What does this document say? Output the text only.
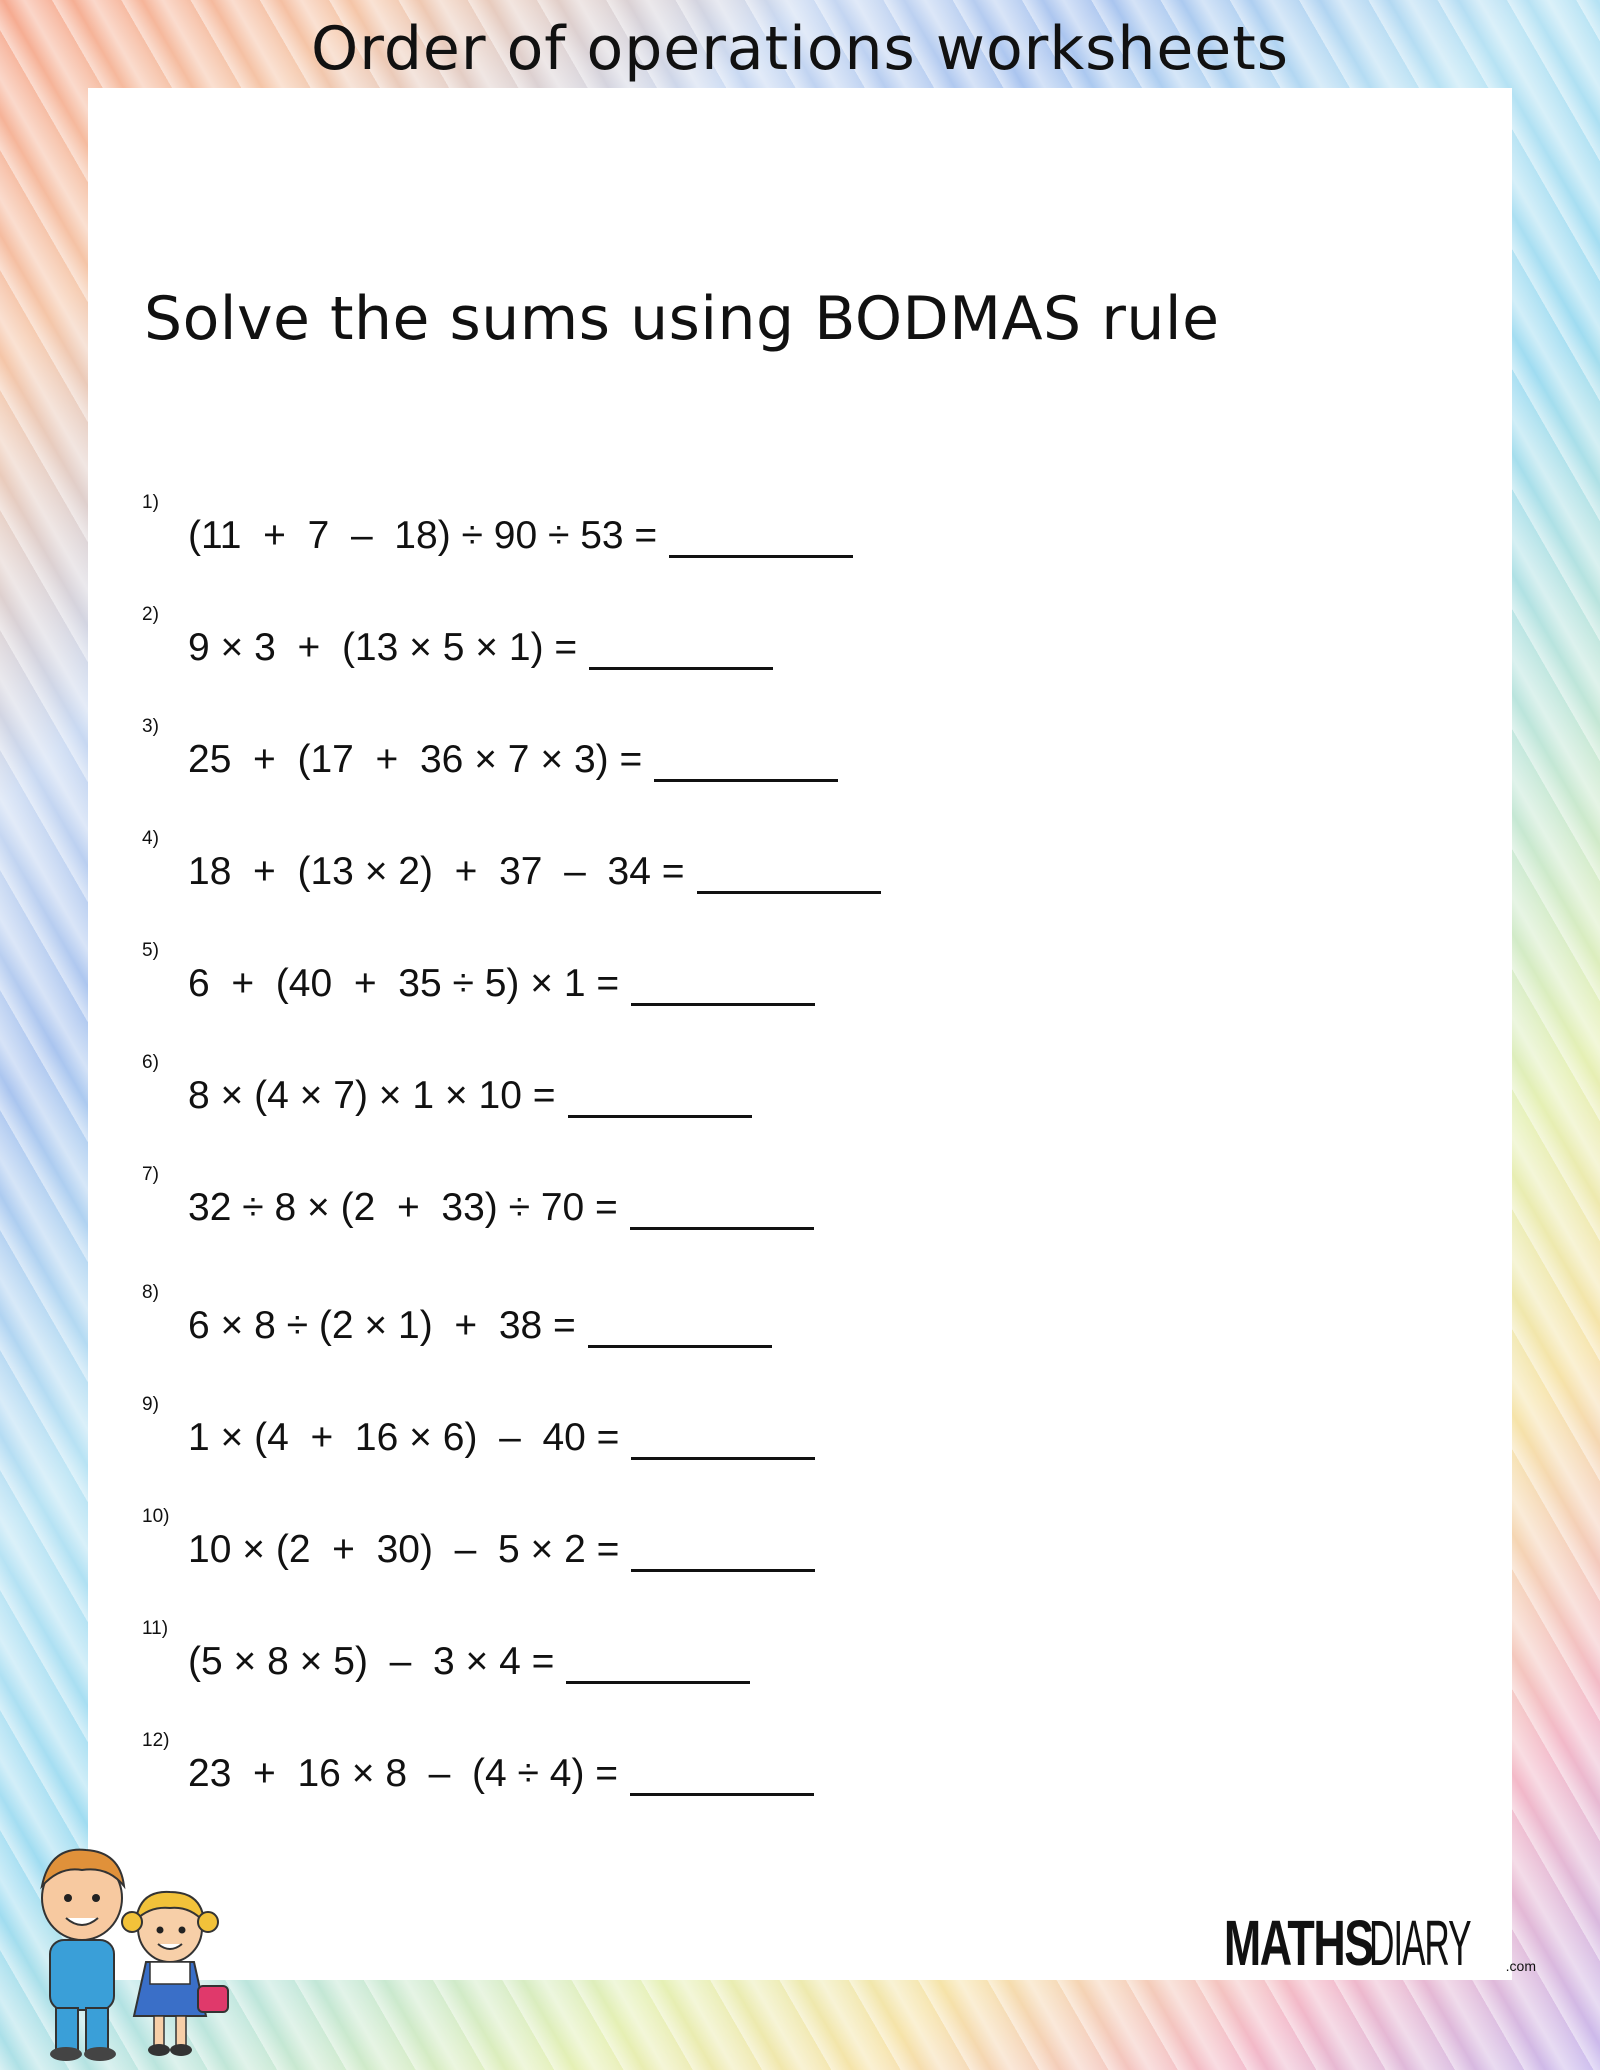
Order of operations worksheets
Solve the sums using BODMAS rule
1)
(11  +  7  –  18) ÷ 90 ÷ 53 =
2)
9 × 3  +  (13 × 5 × 1) =
3)
25  +  (17  +  36 × 7 × 3) =
4)
18  +  (13 × 2)  +  37  –  34 =
5)
6  +  (40  +  35 ÷ 5) × 1 =
6)
8 × (4 × 7) × 1 × 10 =
7)
32 ÷ 8 × (2  +  33) ÷ 70 =
8)
6 × 8 ÷ (2 × 1)  +  38 =
9)
1 × (4  +  16 × 6)  –  40 =
10)
10 × (2  +  30)  –  5 × 2 =
11)
(5 × 8 × 5)  –  3 × 4 =
12)
23  +  16 × 8  –  (4 ÷ 4) =
MATHS
DIARY .com
